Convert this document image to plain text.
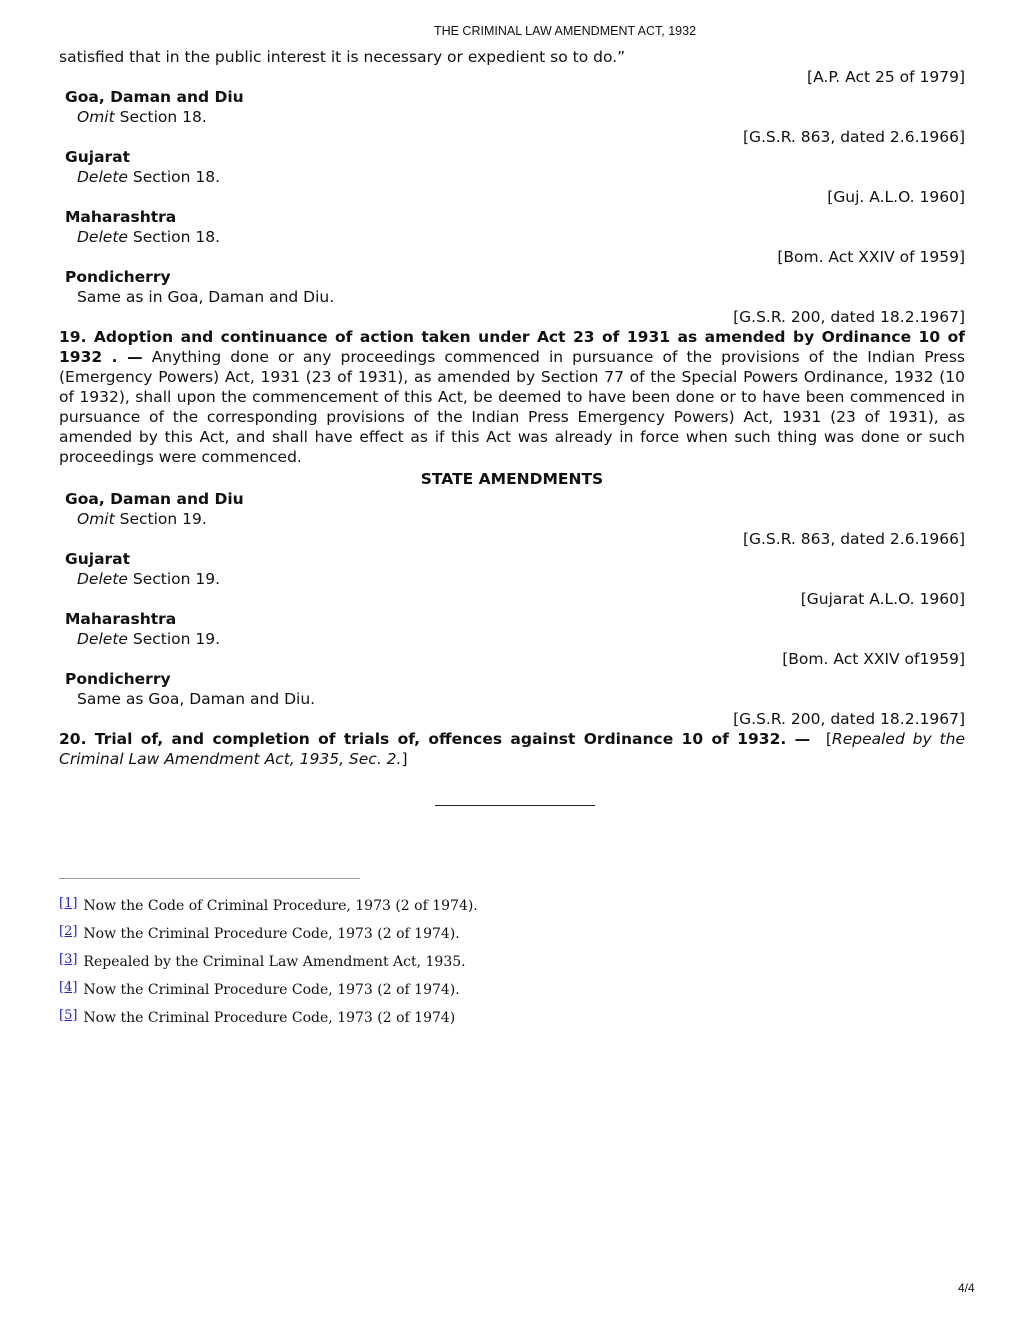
THE CRIMINAL LAW AMENDMENT ACT, 1932
satisfied that in the public interest it is necessary or expedient so to do.”
[A.P. Act 25 of 1979]
Goa, Daman and Diu
Omit Section 18.
[G.S.R. 863, dated 2.6.1966]
Gujarat
Delete Section 18.
[Guj. A.L.O. 1960]
Maharashtra
Delete Section 18.
[Bom. Act XXIV of 1959]
Pondicherry
Same as in Goa, Daman and Diu.
[G.S.R. 200, dated 18.2.1967]
19. Adoption and continuance of action taken under Act 23 of 1931 as amended by Ordinance 10 of 1932 . — Anything done or any proceedings commenced in pursuance of the provisions of the Indian Press (Emergency Powers) Act, 1931 (23 of 1931), as amended by Section 77 of the Special Powers Ordinance, 1932 (10 of 1932), shall upon the commencement of this Act, be deemed to have been done or to have been commenced in pursuance of the corresponding provisions of the Indian Press Emergency Powers) Act, 1931 (23 of 1931), as amended by this Act, and shall have effect as if this Act was already in force when such thing was done or such proceedings were commenced.
STATE AMENDMENTS
Goa, Daman and Diu
Omit Section 19.
[G.S.R. 863, dated 2.6.1966]
Gujarat
Delete Section 19.
[Gujarat A.L.O. 1960]
Maharashtra
Delete Section 19.
[Bom. Act XXIV of1959]
Pondicherry
Same as Goa, Daman and Diu.
[G.S.R. 200, dated 18.2.1967]
20. Trial of, and completion of trials of, offences against Ordinance 10 of 1932. —  [Repealed by the Criminal Law Amendment Act, 1935, Sec. 2.]
[1] Now the Code of Criminal Procedure, 1973 (2 of 1974).
[2] Now the Criminal Procedure Code, 1973 (2 of 1974).
[3] Repealed by the Criminal Law Amendment Act, 1935.
[4] Now the Criminal Procedure Code, 1973 (2 of 1974).
[5] Now the Criminal Procedure Code, 1973 (2 of 1974)
4/4
